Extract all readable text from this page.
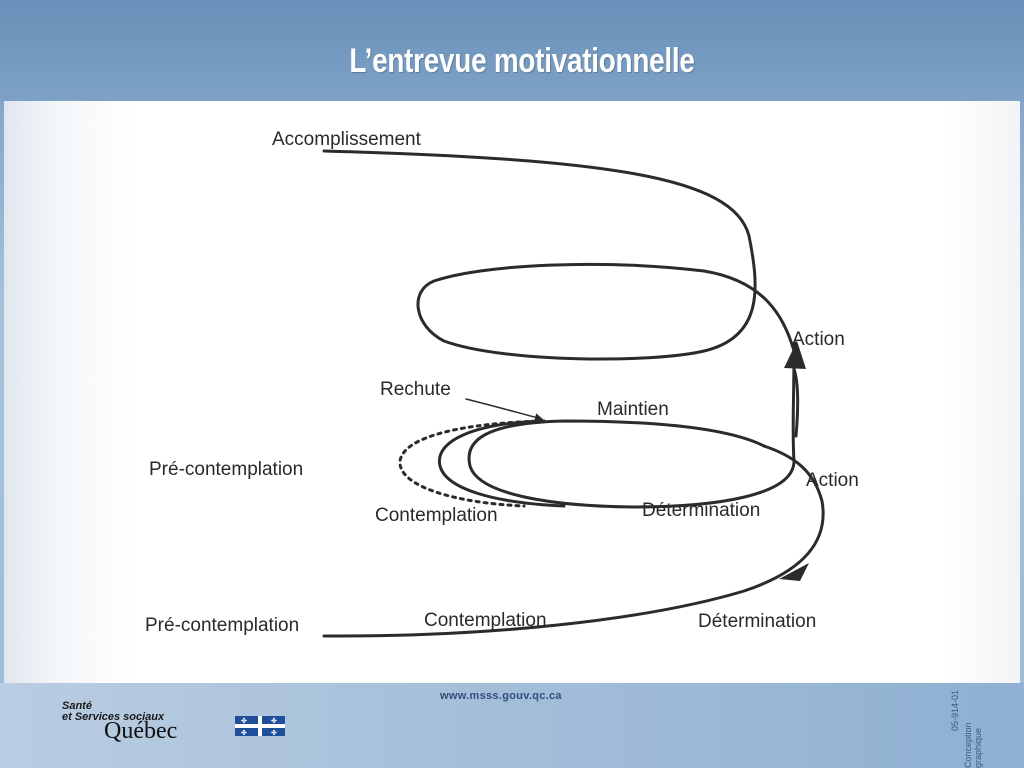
L’entrevue motivationnelle
Accomplissement
Action
Rechute
Maintien
Pré-contemplation
Action
Contemplation	Détermination
Pré-contemplation	Contemplation	Détermination
www.msss.gouv.qc.ca
Santé
et Services sociaux
Québec	✤	✤
✤	✤
05-914-01
Conception graphique
